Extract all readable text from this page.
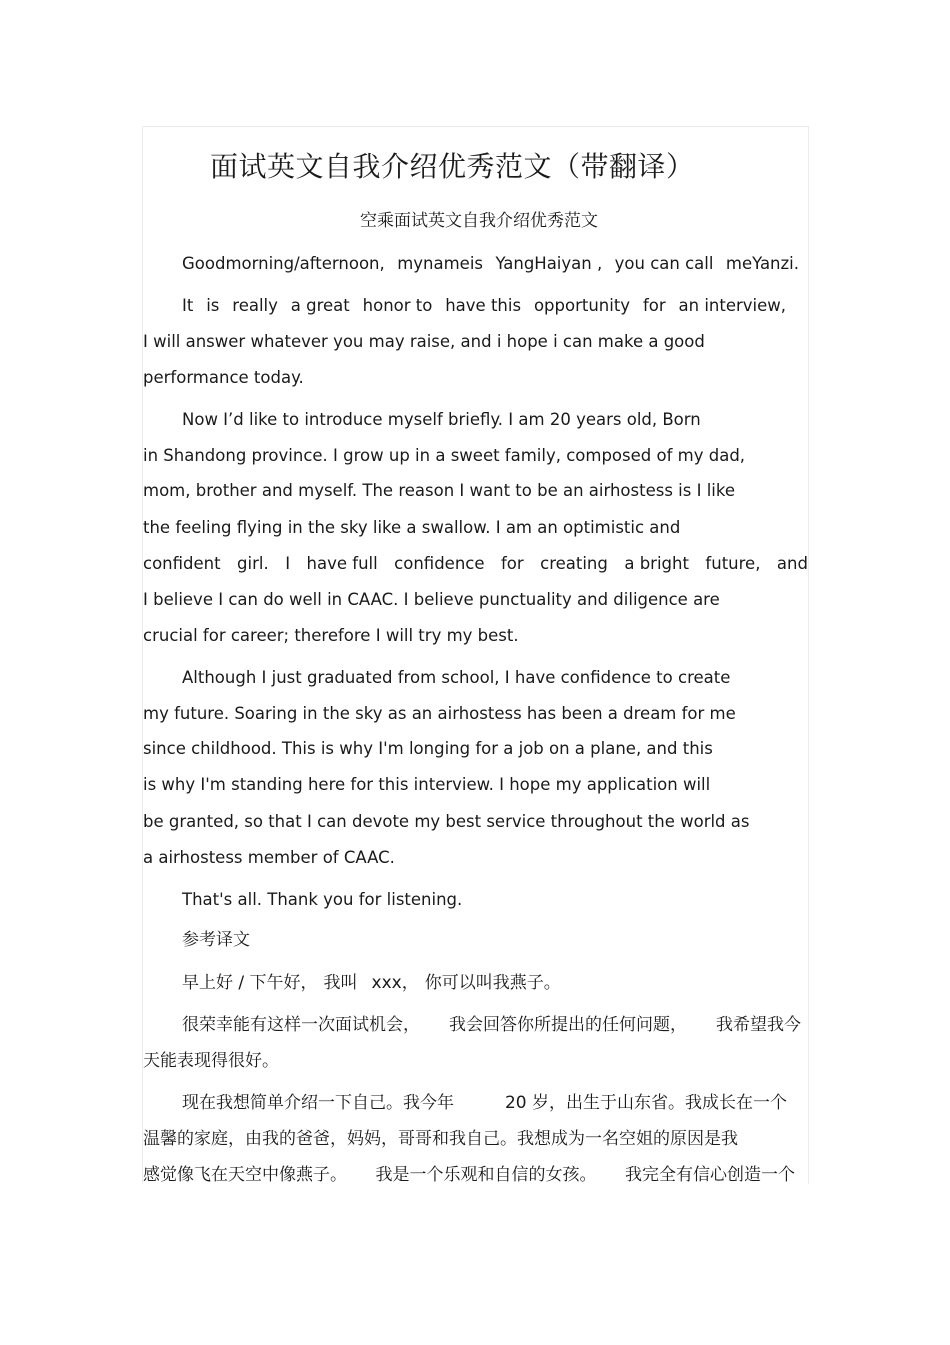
面试英文自我介绍优秀范文（带翻译）
空乘面试英文自我介绍优秀范文
Goodmorning/afternoon, mynameis YangHaiyan , you can call meYanzi.
It is really a great honor to have this opportunity for an interview,
I will answer whatever you may raise, and i hope i can make a good
performance today.
Now I’d like to introduce myself briefly. I am 20 years old, Born
in Shandong province. I grow up in a sweet family, composed of my dad,
mom, brother and myself. The reason I want to be an airhostess is I like
the feeling flying in the sky like a swallow. I am an optimistic and
confident girl. I have full confidence for creating a bright future, and
I believe I can do well in CAAC. I believe punctuality and diligence are
crucial for career; therefore I will try my best.
Although I just graduated from school, I have confidence to create
my future. Soaring in the sky as an airhostess has been a dream for me
since childhood. This is why I'm longing for a job on a plane, and this
is why I'm standing here for this interview. I hope my application will
be granted, so that I can devote my best service throughout the world as
a airhostess member of CAAC.
That's all. Thank you for listening.
参考译文
早上好 / 下午好， 我叫 xxx， 你可以叫我燕子。
很荣幸能有这样一次面试机会， 我会回答你所提出的任何问题， 我希望我今
天能表现得很好。
现在我想简单介绍一下自己。我今年	20 岁，出生于山东省。我成长在一个
温馨的家庭，由我的爸爸，妈妈，哥哥和我自己。我想成为一名空姐的原因是我
感觉像飞在天空中像燕子。 我是一个乐观和自信的女孩。 我完全有信心创造一个
